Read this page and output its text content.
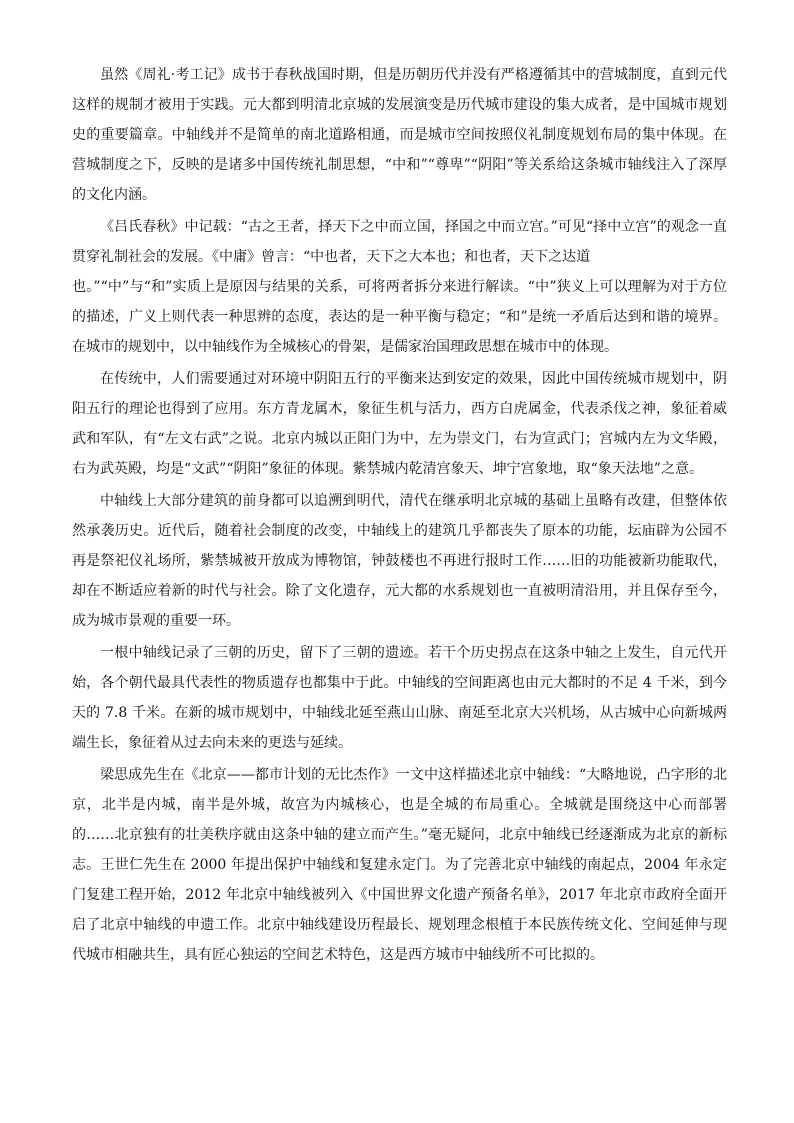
虽然《周礼·考工记》成书于春秋战国时期，但是历朝历代并没有严格遵循其中的营城制度，直到元代这样的规制才被用于实践。元大都到明清北京城的发展演变是历代城市建设的集大成者，是中国城市规划史的重要篇章。中轴线并不是简单的南北道路相通，而是城市空间按照仪礼制度规划布局的集中体现。在营城制度之下，反映的是诸多中国传统礼制思想，“中和”“尊卑”“阴阳”等关系给这条城市轴线注入了深厚的文化内涵。

《吕氏春秋》中记载：“古之王者，择天下之中而立国，择国之中而立宫。”可见“择中立宫”的观念一直贯穿礼制社会的发展。《中庸》曾言：“中也者，天下之大本也；和也者，天下之达道
也。”“中”与“和”实质上是原因与结果的关系，可将两者拆分来进行解读。“中”狭义上可以理解为对于方位的描述，广义上则代表一种思辨的态度，表达的是一种平衡与稳定；“和”是统一矛盾后达到和谐的境界。在城市的规划中，以中轴线作为全城核心的骨架，是儒家治国理政思想在城市中的体现。

在传统中，人们需要通过对环境中阴阳五行的平衡来达到安定的效果，因此中国传统城市规划中，阴阳五行的理论也得到了应用。东方青龙属木，象征生机与活力，西方白虎属金，代表杀伐之神，象征着威武和军队，有“左文右武”之说。北京内城以正阳门为中，左为崇文门，右为宣武门；宫城内左为文华殿，右为武英殿，均是“文武”“阴阳”象征的体现。紫禁城内乾清宫象天、坤宁宫象地，取“象天法地”之意。

中轴线上大部分建筑的前身都可以追溯到明代，清代在继承明北京城的基础上虽略有改建，但整体依然承袭历史。近代后，随着社会制度的改变，中轴线上的建筑几乎都丧失了原本的功能，坛庙辟为公园不再是祭祀仪礼场所，紫禁城被开放成为博物馆，钟鼓楼也不再进行报时工作……旧的功能被新功能取代，却在不断适应着新的时代与社会。除了文化遗存，元大都的水系规划也一直被明清沿用，并且保存至今，成为城市景观的重要一环。

一根中轴线记录了三朝的历史，留下了三朝的遗迹。若干个历史拐点在这条中轴之上发生，自元代开始，各个朝代最具代表性的物质遗存也都集中于此。中轴线的空间距离也由元大都时的不足 4 千米，到今天的 7.8 千米。在新的城市规划中，中轴线北延至燕山山脉、南延至北京大兴机场，从古城中心向新城两端生长，象征着从过去向未来的更迭与延续。

梁思成先生在《北京——都市计划的无比杰作》一文中这样描述北京中轴线：“大略地说，凸字形的北京，北半是内城，南半是外城，故宫为内城核心，也是全城的布局重心。全城就是围绕这中心而部署的……北京独有的壮美秩序就由这条中轴的建立而产生。”毫无疑问，北京中轴线已经逐渐成为北京的新标志。王世仁先生在 2000 年提出保护中轴线和复建永定门。为了完善北京中轴线的南起点，2004 年永定门复建工程开始，2012 年北京中轴线被列入《中国世界文化遗产预备名单》，2017 年北京市政府全面开启了北京中轴线的申遗工作。北京中轴线建设历程最长、规划理念根植于本民族传统文化、空间延伸与现代城市相融共生，具有匠心独运的空间艺术特色，这是西方城市中轴线所不可比拟的。
